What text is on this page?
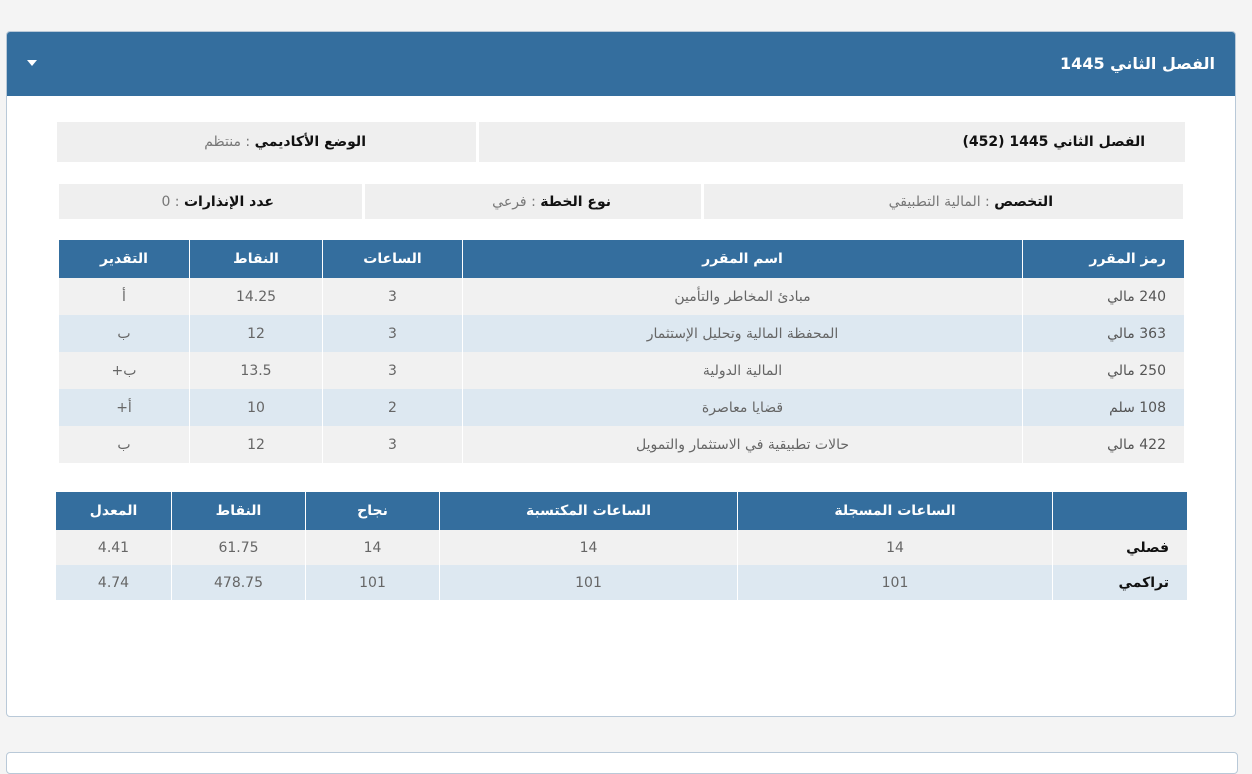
الفصل الثاني 1445
الفصل الثاني 1445 (452)
الوضع الأكاديمي
:
منتظم
التخصص
:
المالية التطبيقي
نوع الخطة
:
فرعي
عدد الإنذارات
:
0
رمز المقرر	اسم المقرر	الساعات	النقاط	التقدير
240 مالي	مبادئ المخاطر والتأمين	3	14.25	أ
363 مالي	المحفظة المالية وتحليل الإستثمار	3	12	ب
250 مالي	المالية الدولية	3	13.5	ب+
108 سلم	قضايا معاصرة	2	10	أ+
422 مالي	حالات تطبيقية في الاستثمار والتمويل	3	12	ب
	الساعات المسجلة	الساعات المكتسبة	نجاح	النقاط	المعدل
فصلي	14	14	14	61.75	4.41
تراكمي	101	101	101	478.75	4.74
